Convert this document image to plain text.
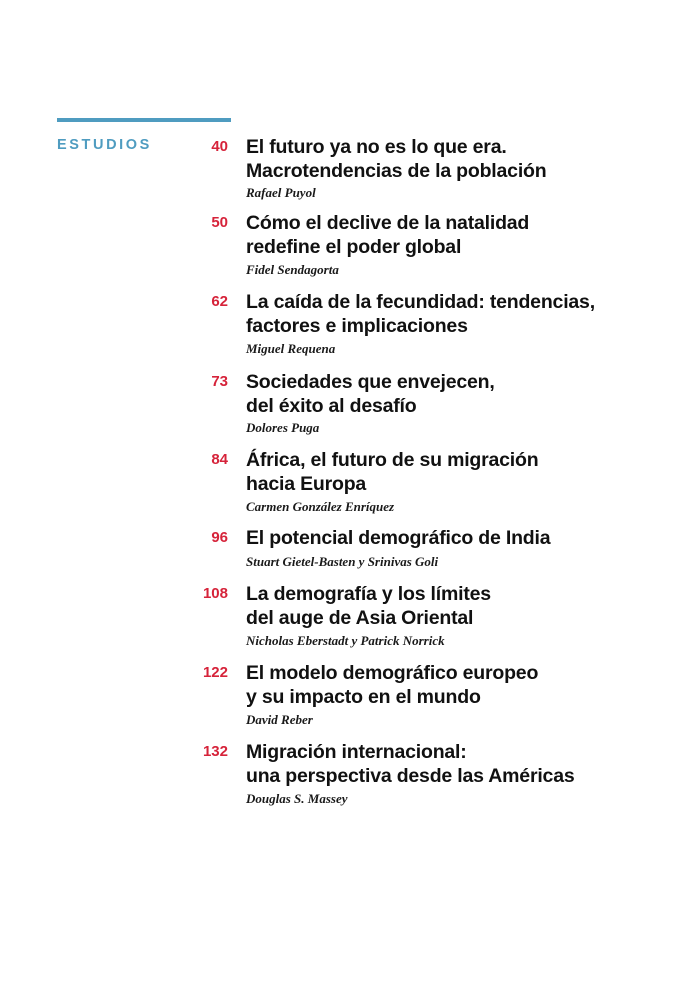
ESTUDIOS	40 El futuro ya no es lo que era.
Macrotendencias de la población
Rafael Puyol
50 Cómo el declive de la natalidad
redefine el poder global
Fidel Sendagorta
62 La caída de la fecundidad: tendencias,
factores e implicaciones
Miguel Requena
73 Sociedades que envejecen,
del éxito al desafío
Dolores Puga
84 África, el futuro de su migración
hacia Europa
Carmen González Enríquez
96 El potencial demográfico de India
Stuart Gietel-Basten y Srinivas Goli
108 La demografía y los límites
del auge de Asia Oriental
Nicholas Eberstadt y Patrick Norrick
122 El modelo demográfico europeo
y su impacto en el mundo
David Reber
132 Migración internacional:
una perspectiva desde las Américas
Douglas S. Massey
